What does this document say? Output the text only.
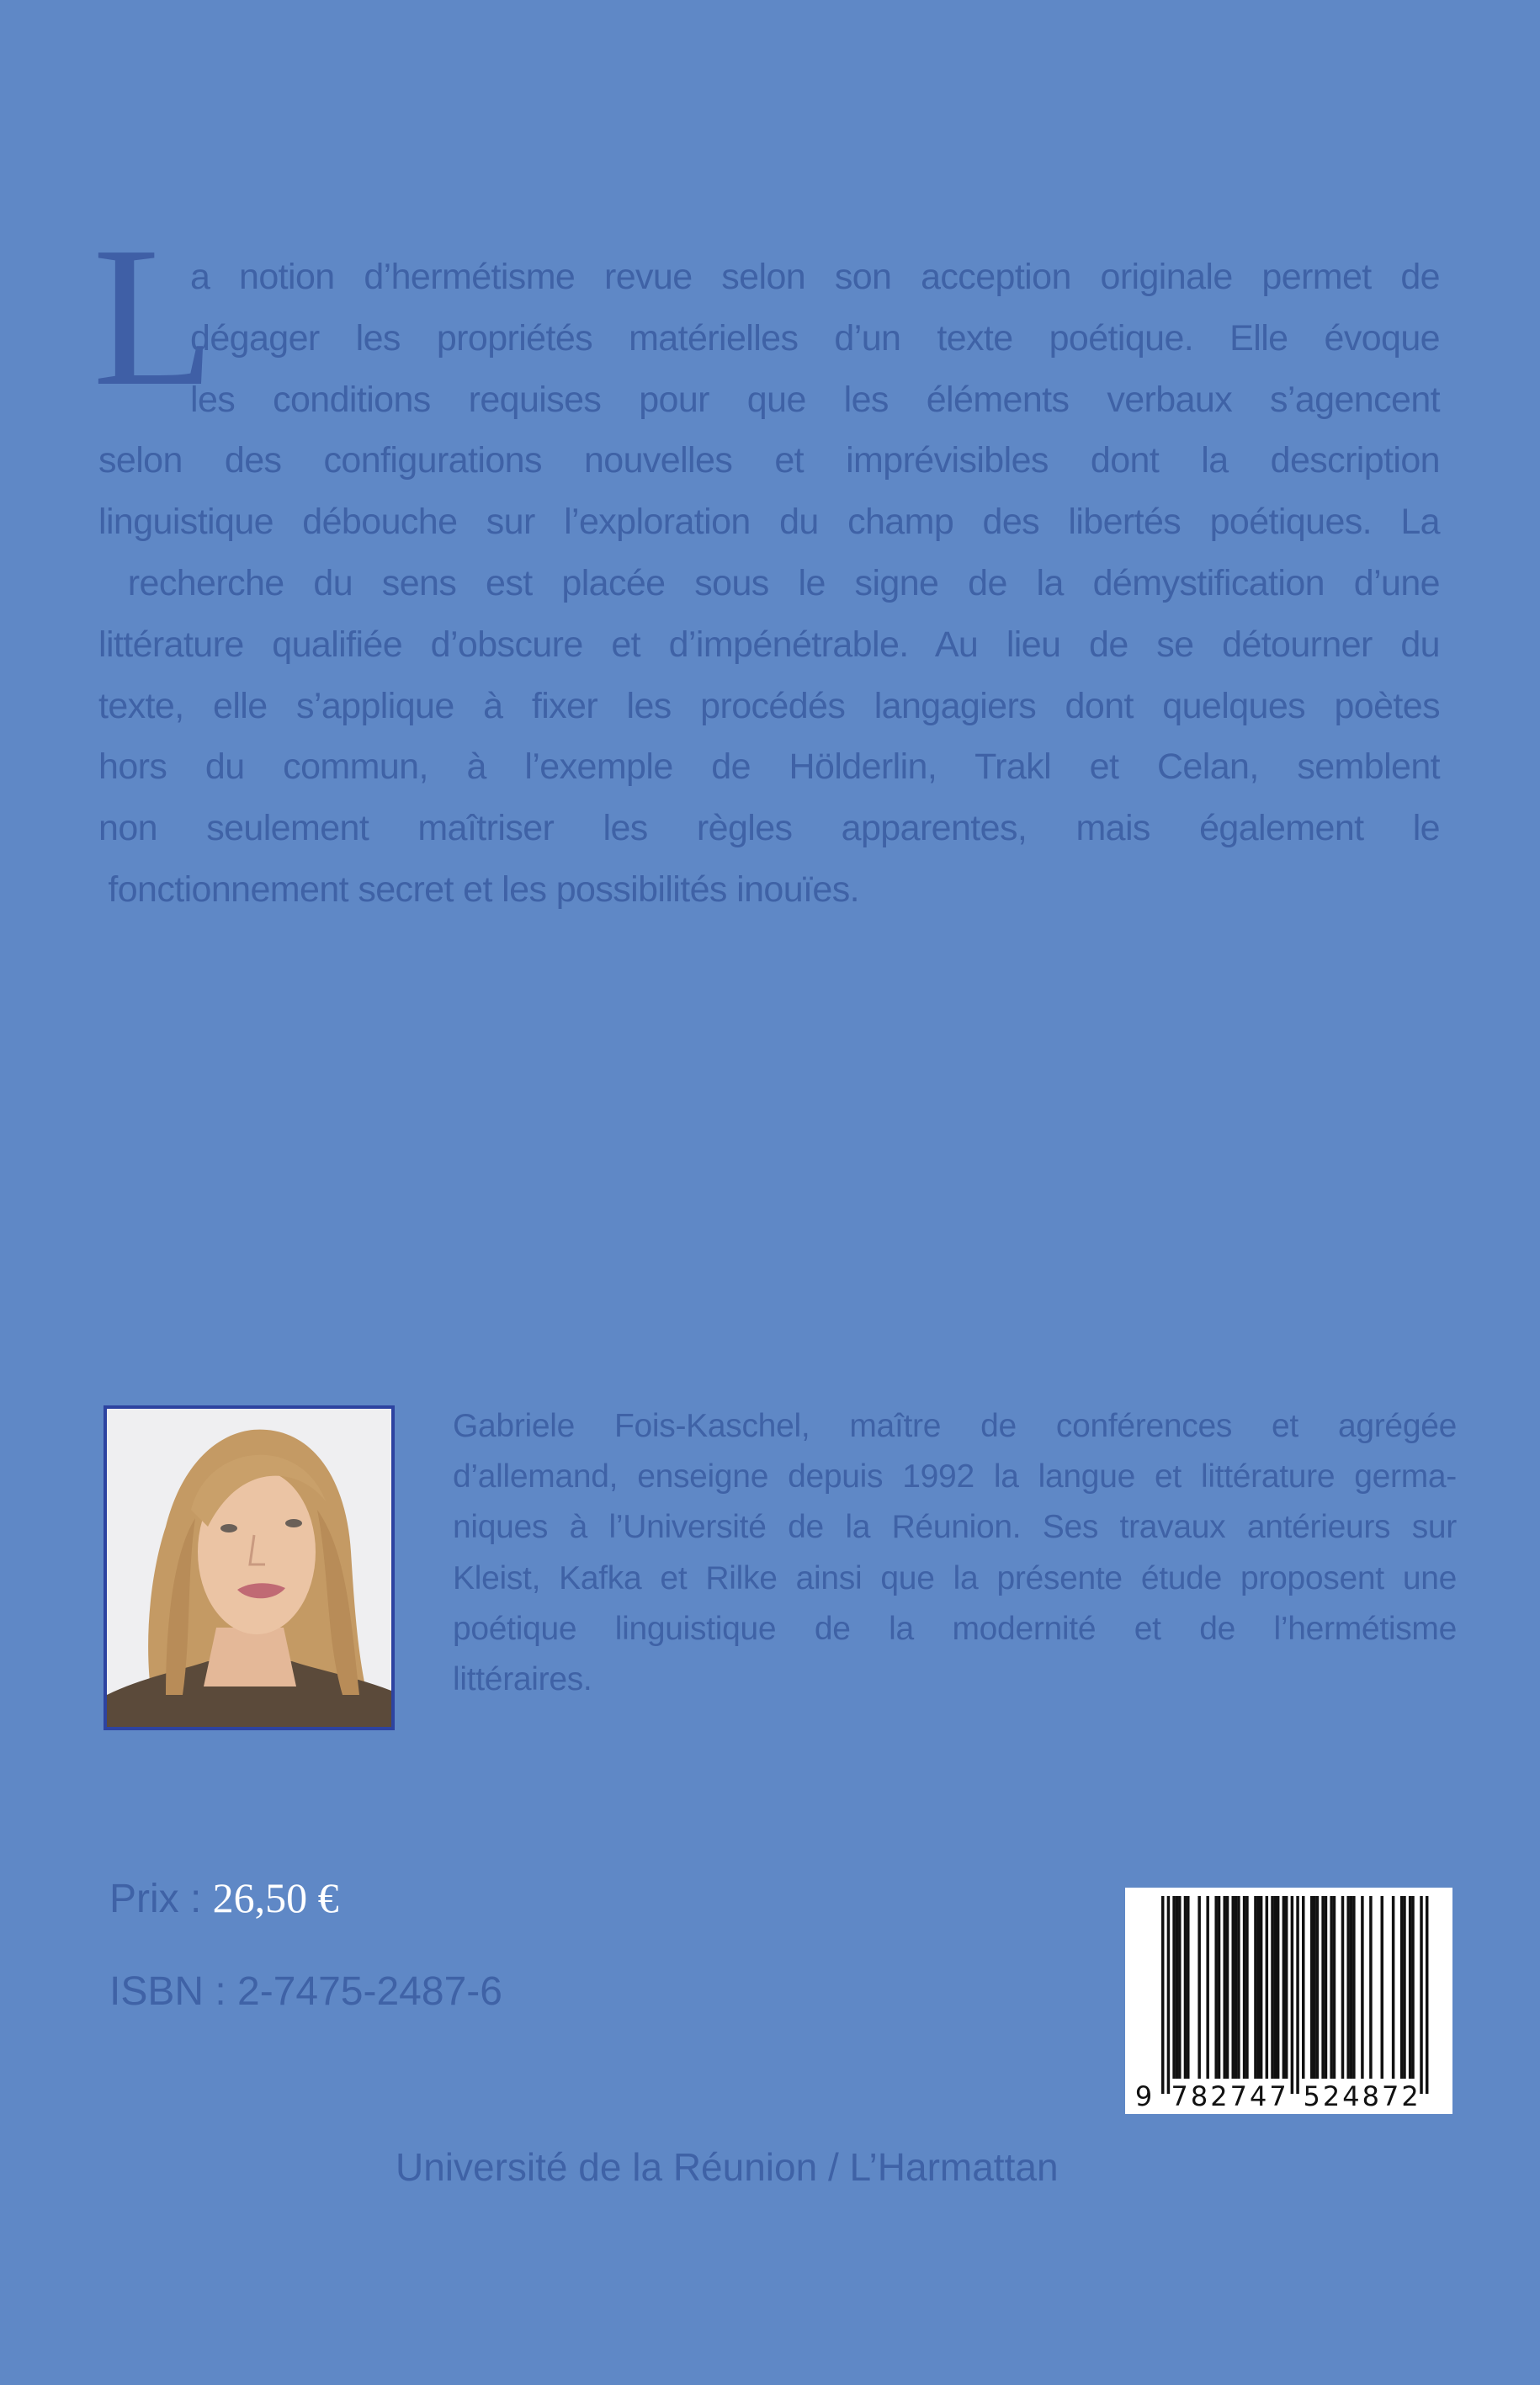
L
a notion d’hermétisme revue selon son acception originale permet de
dégager les propriétés matérielles d’un texte poétique. Elle évoque
les conditions requises pour que les éléments verbaux s’agencent
selon des configurations nouvelles et imprévisibles dont la description
linguistique débouche sur l’exploration du champ des libertés poétiques. La
recherche du sens est placée sous le signe de la démystification d’une
littérature qualifiée d’obscure et d’impénétrable. Au lieu de se détourner du
texte, elle s’applique à fixer les procédés langagiers dont quelques poètes
hors du commun, à l’exemple de Hölderlin, Trakl et Celan, semblent
non seulement maîtriser les règles apparentes, mais également le
fonctionnement secret et les possibilités inouïes.
Gabriele Fois-Kaschel, maître de conférences et agrégée
d’allemand, enseigne depuis 1992 la langue et littérature germa-
niques à l’Université de la Réunion. Ses travaux antérieurs sur
Kleist, Kafka et Rilke ainsi que la présente étude proposent une
poétique linguistique de la modernité et de l’hermétisme
littéraires.
Prix : 26,50 €
ISBN : 2-7475-2487-6
9 7 8 2 7 4 7 5 2 4 8 7 2
Université de la Réunion / L’Harmattan
